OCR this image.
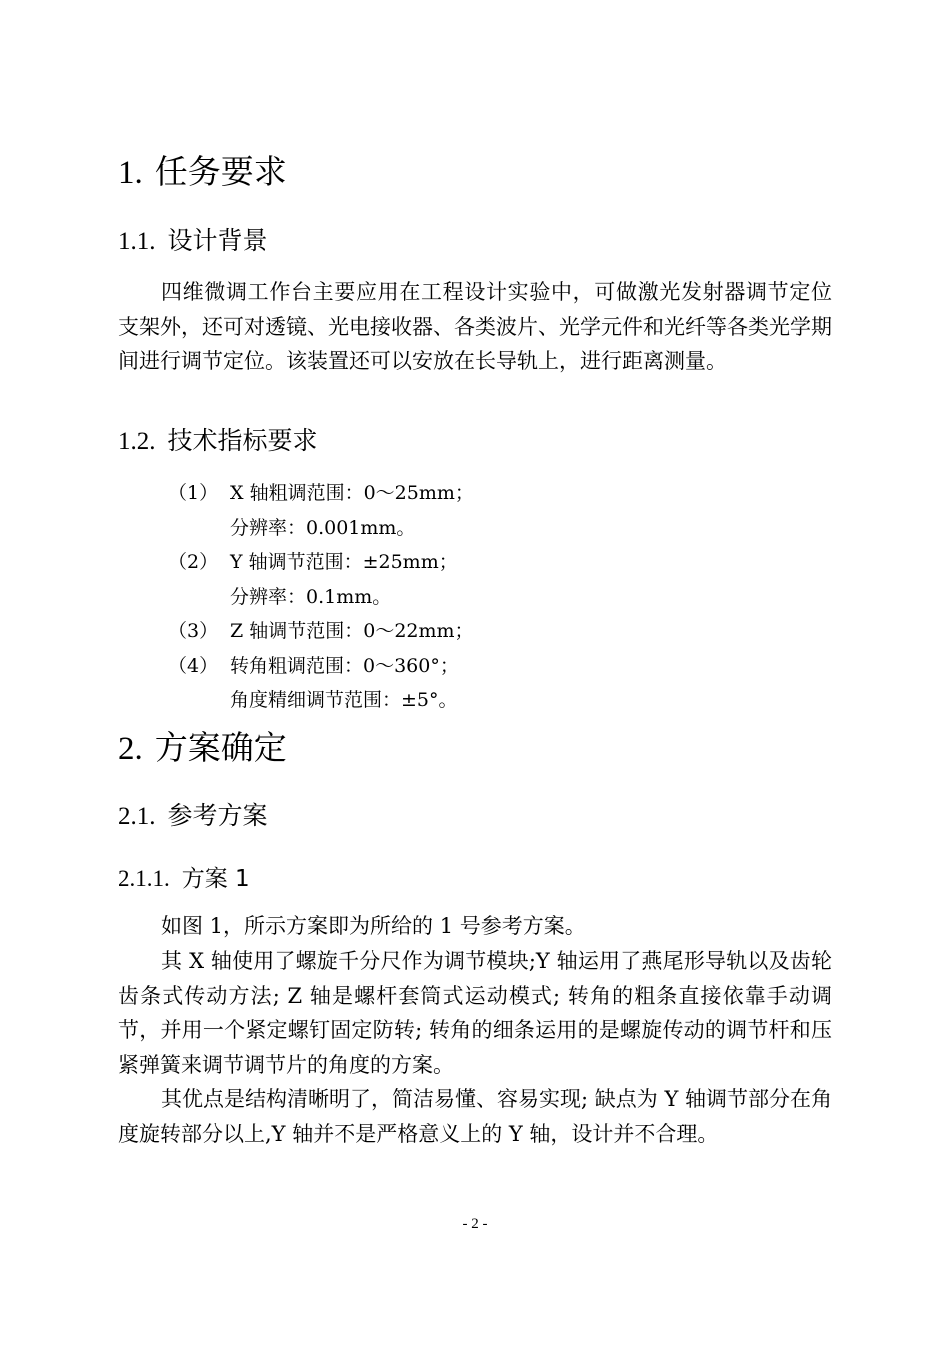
1. 任务要求
1.1. 设计背景

四维微调工作台主要应用在工程设计实验中，可做激光发射器调节定位支架外，还可对透镜、光电接收器、各类波片、光学元件和光纤等各类光学期间进行调节定位。该装置还可以安放在长导轨上，进行距离测量。

1.2. 技术指标要求
（1） X 轴粗调范围：0～25mm；
分辨率：0.001mm。
（2） Y 轴调节范围：±25mm；
分辨率：0.1mm。
（3） Z 轴调节范围：0～22mm；
（4） 转角粗调范围：0～360°；
角度精细调节范围：±5°。
2. 方案确定
2.1. 参考方案
2.1.1. 方案 1

如图 1，所示方案即为所给的 1 号参考方案。

其 X 轴使用了螺旋千分尺作为调节模块;Y 轴运用了燕尾形导轨以及齿轮齿条式传动方法; Z 轴是螺杆套筒式运动模式; 转角的粗条直接依靠手动调节，并用一个紧定螺钉固定防转; 转角的细条运用的是螺旋传动的调节杆和压紧弹簧来调节调节片的角度的方案。

其优点是结构清晰明了，简洁易懂、容易实现; 缺点为 Y 轴调节部分在角度旋转部分以上,Y 轴并不是严格意义上的 Y 轴，设计并不合理。

- 2 -
